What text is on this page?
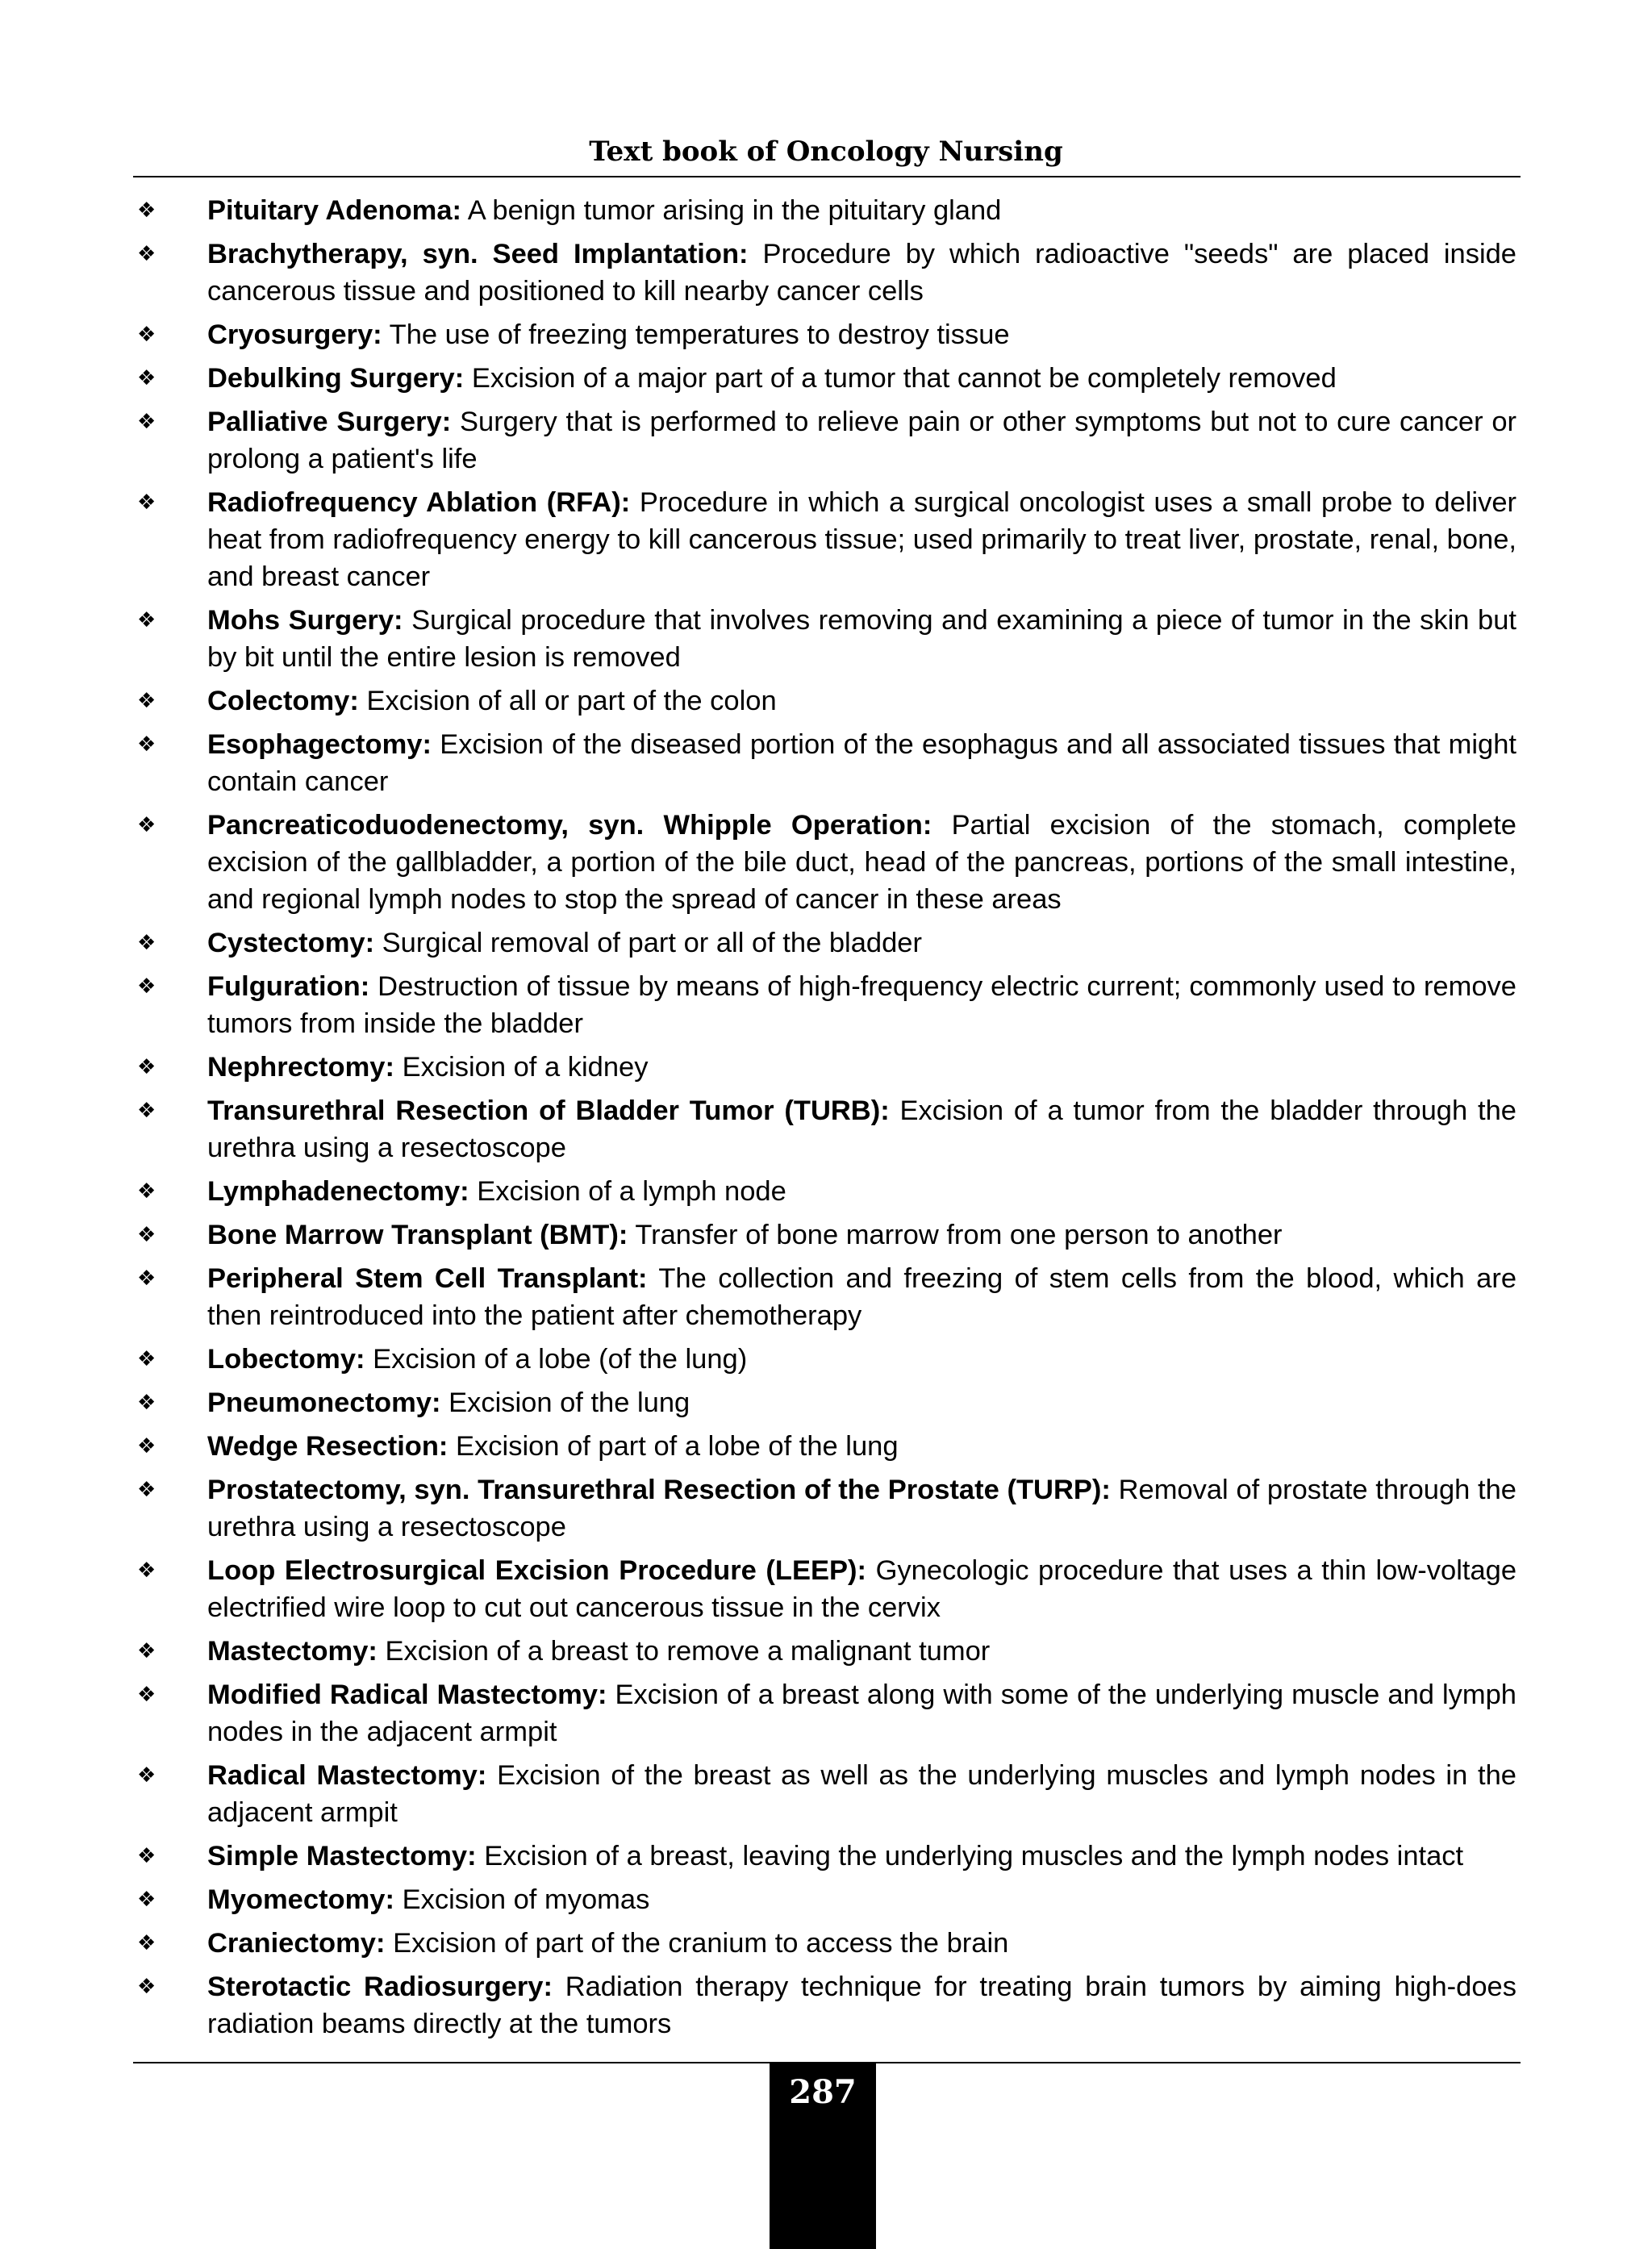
Text book of Oncology Nursing
❖ Pituitary Adenoma: A benign tumor arising in the pituitary gland
❖ Brachytherapy, syn. Seed Implantation: Procedure by which radioactive "seeds" are placed inside cancerous tissue and positioned to kill nearby cancer cells
❖ Cryosurgery: The use of freezing temperatures to destroy tissue
❖ Debulking Surgery: Excision of a major part of a tumor that cannot be completely removed
❖ Palliative Surgery: Surgery that is performed to relieve pain or other symptoms but not to cure cancer or prolong a patient's life
❖ Radiofrequency Ablation (RFA): Procedure in which a surgical oncologist uses a small probe to deliver heat from radiofrequency energy to kill cancerous tissue; used primarily to treat liver, prostate, renal, bone, and breast cancer
❖ Mohs Surgery: Surgical procedure that involves removing and examining a piece of tumor in the skin but by bit until the entire lesion is removed
❖ Colectomy: Excision of all or part of the colon
❖ Esophagectomy: Excision of the diseased portion of the esophagus and all associated tissues that might contain cancer
❖ Pancreaticoduodenectomy, syn. Whipple Operation: Partial excision of the stomach, complete excision of the gallbladder, a portion of the bile duct, head of the pancreas, portions of the small intestine, and regional lymph nodes to stop the spread of cancer in these areas
❖ Cystectomy: Surgical removal of part or all of the bladder
❖ Fulguration: Destruction of tissue by means of high-frequency electric current; commonly used to remove tumors from inside the bladder
❖ Nephrectomy: Excision of a kidney
❖ Transurethral Resection of Bladder Tumor (TURB): Excision of a tumor from the bladder through the urethra using a resectoscope
❖ Lymphadenectomy: Excision of a lymph node
❖ Bone Marrow Transplant (BMT): Transfer of bone marrow from one person to another
❖ Peripheral Stem Cell Transplant: The collection and freezing of stem cells from the blood, which are then reintroduced into the patient after chemotherapy
❖ Lobectomy: Excision of a lobe (of the lung)
❖ Pneumonectomy: Excision of the lung
❖ Wedge Resection: Excision of part of a lobe of the lung
❖ Prostatectomy, syn. Transurethral Resection of the Prostate (TURP): Removal of prostate through the urethra using a resectoscope
❖ Loop Electrosurgical Excision Procedure (LEEP): Gynecologic procedure that uses a thin low-voltage electrified wire loop to cut out cancerous tissue in the cervix
❖ Mastectomy: Excision of a breast to remove a malignant tumor
❖ Modified Radical Mastectomy: Excision of a breast along with some of the underlying muscle and lymph nodes in the adjacent armpit
❖ Radical Mastectomy: Excision of the breast as well as the underlying muscles and lymph nodes in the adjacent armpit
❖ Simple Mastectomy: Excision of a breast, leaving the underlying muscles and the lymph nodes intact
❖ Myomectomy: Excision of myomas
❖ Craniectomy: Excision of part of the cranium to access the brain
❖ Sterotactic Radiosurgery: Radiation therapy technique for treating brain tumors by aiming high-does radiation beams directly at the tumors
287
